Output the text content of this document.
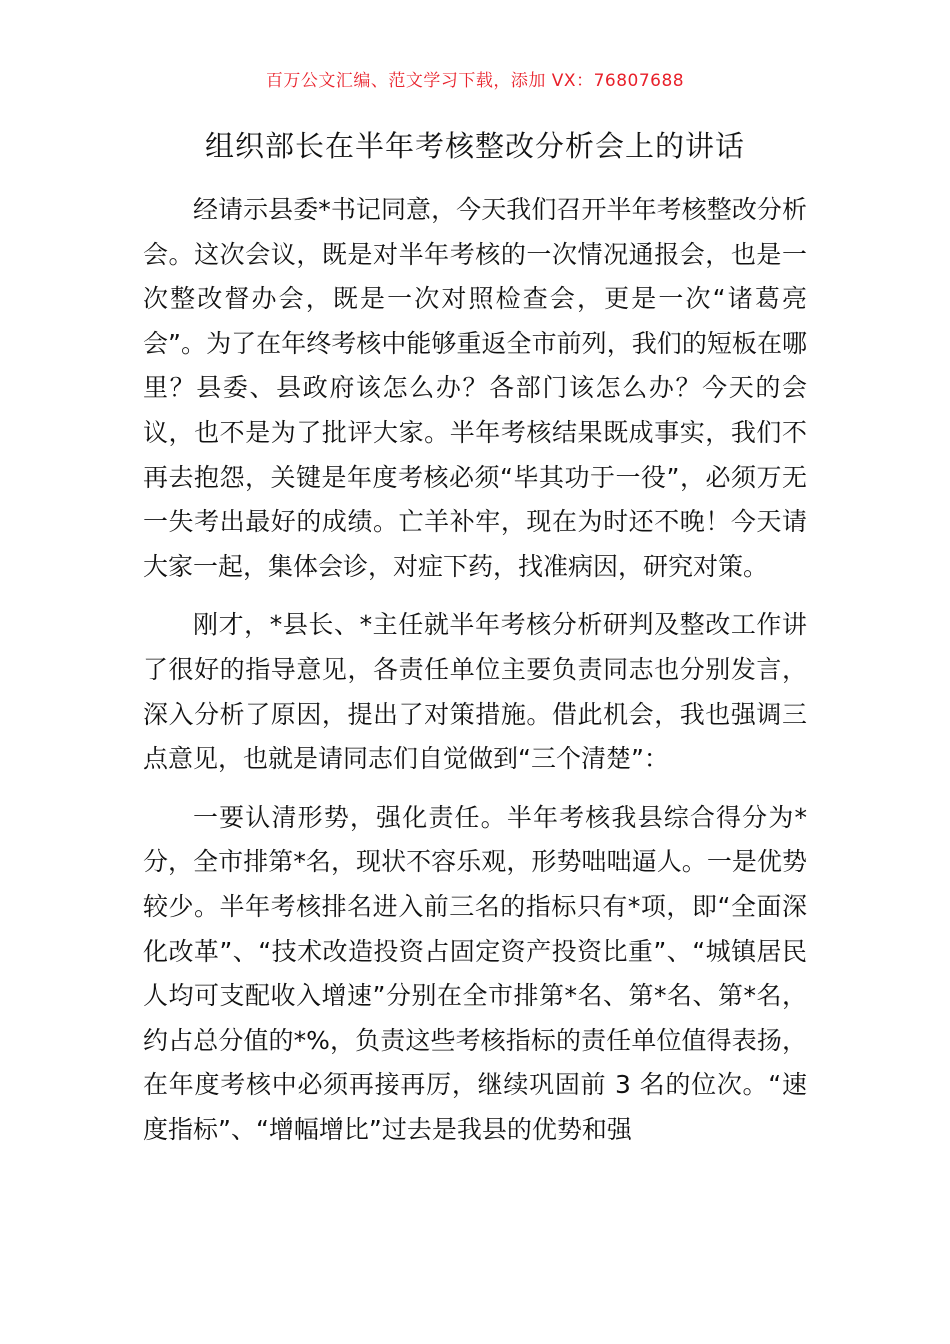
百万公文汇编、范文学习下载，添加 VX：76807688
组织部长在半年考核整改分析会上的讲话

经请示县委*书记同意，今天我们召开半年考核整改分析会。这次会议，既是对半年考核的一次情况通报会，也是一次整改督办会，既是一次对照检查会，更是一次“诸葛亮会”。为了在年终考核中能够重返全市前列，我们的短板在哪里？县委、县政府该怎么办？各部门该怎么办？今天的会议，也不是为了批评大家。半年考核结果既成事实，我们不再去抱怨，关键是年度考核必须“毕其功于一役”，必须万无一失考出最好的成绩。亡羊补牢，现在为时还不晚！今天请大家一起，集体会诊，对症下药，找准病因，研究对策。

刚才，*县长、*主任就半年考核分析研判及整改工作讲了很好的指导意见，各责任单位主要负责同志也分别发言，深入分析了原因，提出了对策措施。借此机会，我也强调三点意见，也就是请同志们自觉做到“三个清楚”：

一要认清形势，强化责任。半年考核我县综合得分为*分，全市排第*名，现状不容乐观，形势咄咄逼人。一是优势较少。半年考核排名进入前三名的指标只有*项，即“全面深化改革”、“技术改造投资占固定资产投资比重”、“城镇居民人均可支配收入增速”分别在全市排第*名、第*名、第*名，约占总分值的*%，负责这些考核指标的责任单位值得表扬，在年度考核中必须再接再厉，继续巩固前 3 名的位次。“速度指标”、“增幅增比”过去是我县的优势和强
